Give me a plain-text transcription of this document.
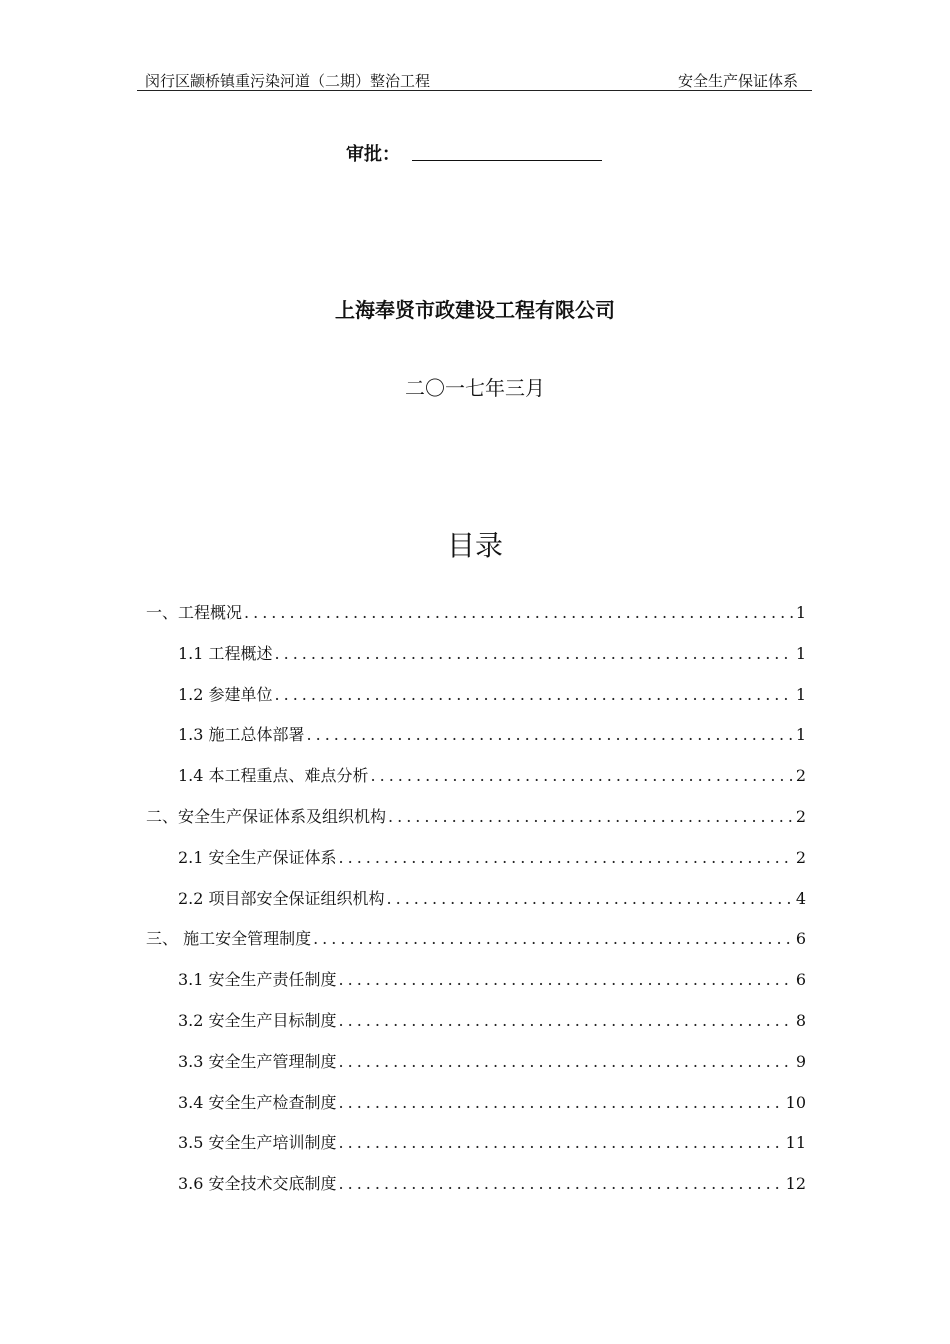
闵行区颛桥镇重污染河道（二期）整治工程	安全生产保证体系
审批：
上海奉贤市政建设工程有限公司
二〇一七年三月
目录
一、工程概况 .....	1
1.1 工程概述 .....	1
1.2 参建单位 .....	1
1.3 施工总体部署 .....	1
1.4 本工程重点、难点分析 .....	2
二、安全生产保证体系及组织机构 .....	2
2.1 安全生产保证体系 .....	2
2.2 项目部安全保证组织机构 .....	4
三、 施工安全管理制度 .....	6
3.1 安全生产责任制度 .....	6
3.2 安全生产目标制度 .....	8
3.3 安全生产管理制度 .....	9
3.4 安全生产检查制度 .....	10
3.5 安全生产培训制度 .....	11
3.6 安全技术交底制度 .....	12
